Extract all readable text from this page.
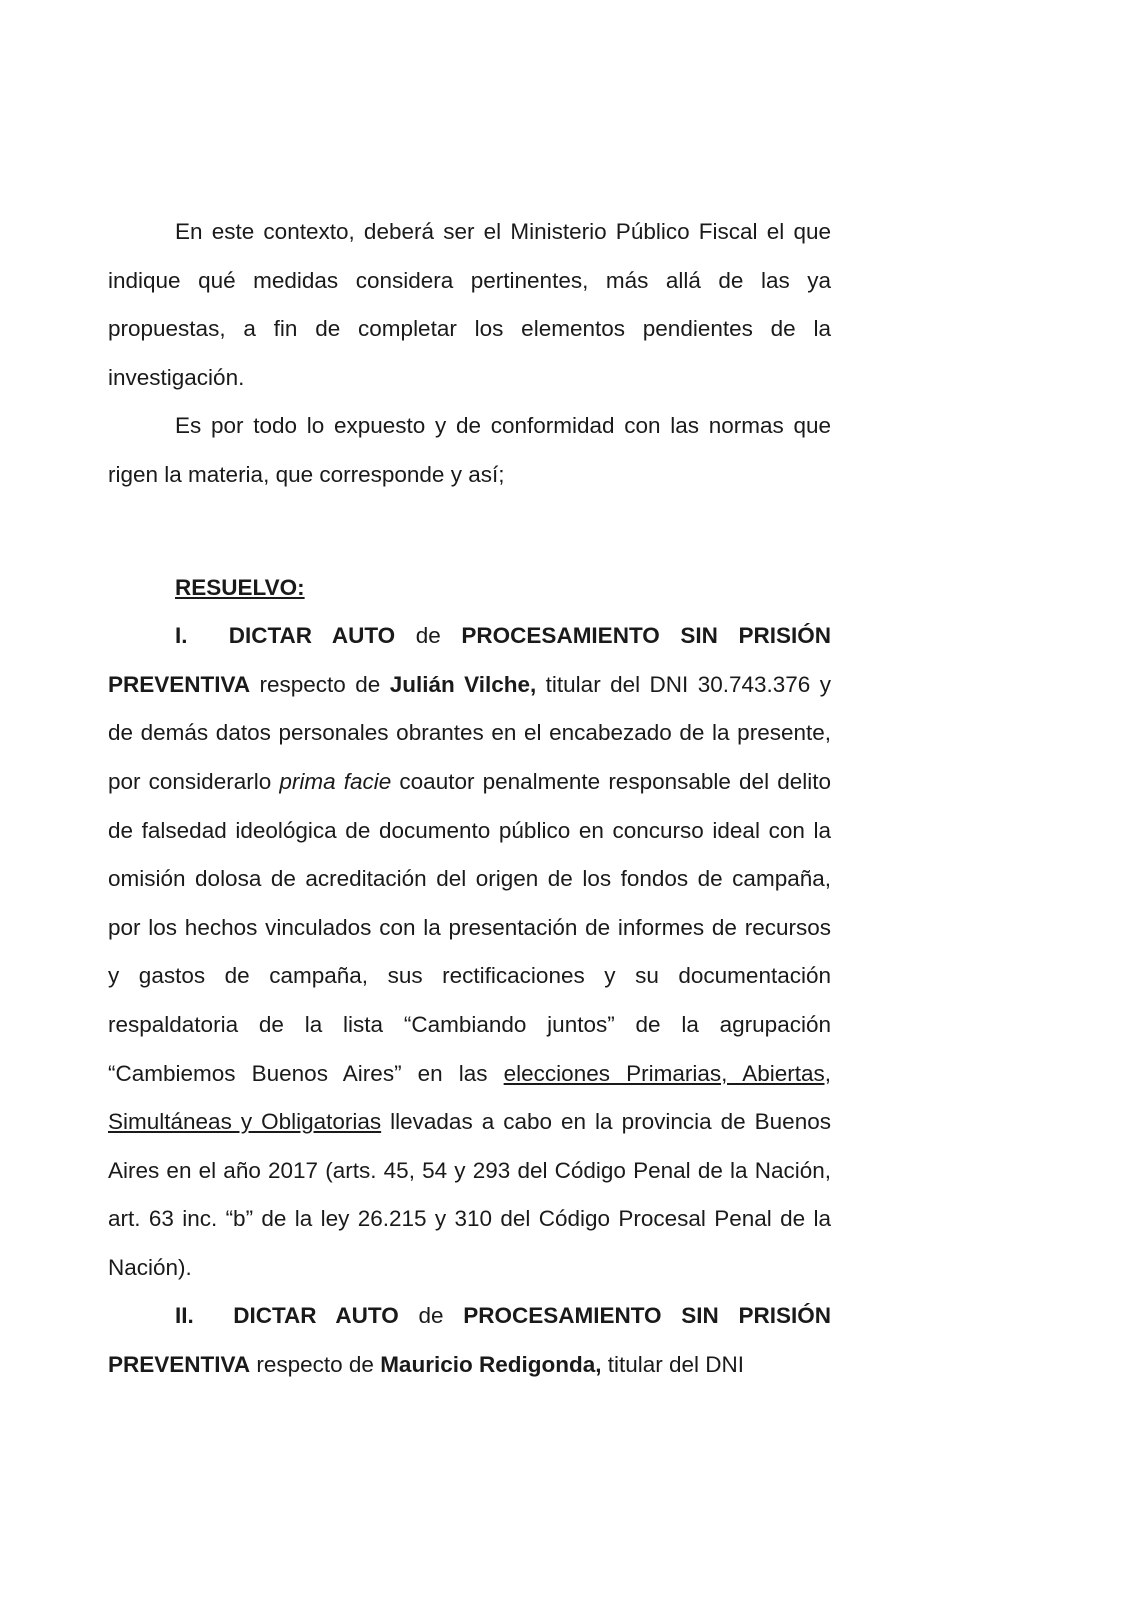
En este contexto, deberá ser el Ministerio Público Fiscal el que indique qué medidas considera pertinentes, más allá de las ya propuestas, a fin de completar los elementos pendientes de la investigación.

Es por todo lo expuesto y de conformidad con las normas que rigen la materia, que corresponde y así;

RESUELVO:

I. DICTAR AUTO de PROCESAMIENTO SIN PRISIÓN PREVENTIVA respecto de Julián Vilche, titular del DNI 30.743.376 y de demás datos personales obrantes en el encabezado de la presente, por considerarlo prima facie coautor penalmente responsable del delito de falsedad ideológica de documento público en concurso ideal con la omisión dolosa de acreditación del origen de los fondos de campaña, por los hechos vinculados con la presentación de informes de recursos y gastos de campaña, sus rectificaciones y su documentación respaldatoria de la lista “Cambiando juntos” de la agrupación “Cambiemos Buenos Aires” en las elecciones Primarias, Abiertas, Simultáneas y Obligatorias llevadas a cabo en la provincia de Buenos Aires en el año 2017 (arts. 45, 54 y 293 del Código Penal de la Nación, art. 63 inc. “b” de la ley 26.215 y 310 del Código Procesal Penal de la Nación).

II. DICTAR AUTO de PROCESAMIENTO SIN PRISIÓN PREVENTIVA respecto de Mauricio Redigonda, titular del DNI
